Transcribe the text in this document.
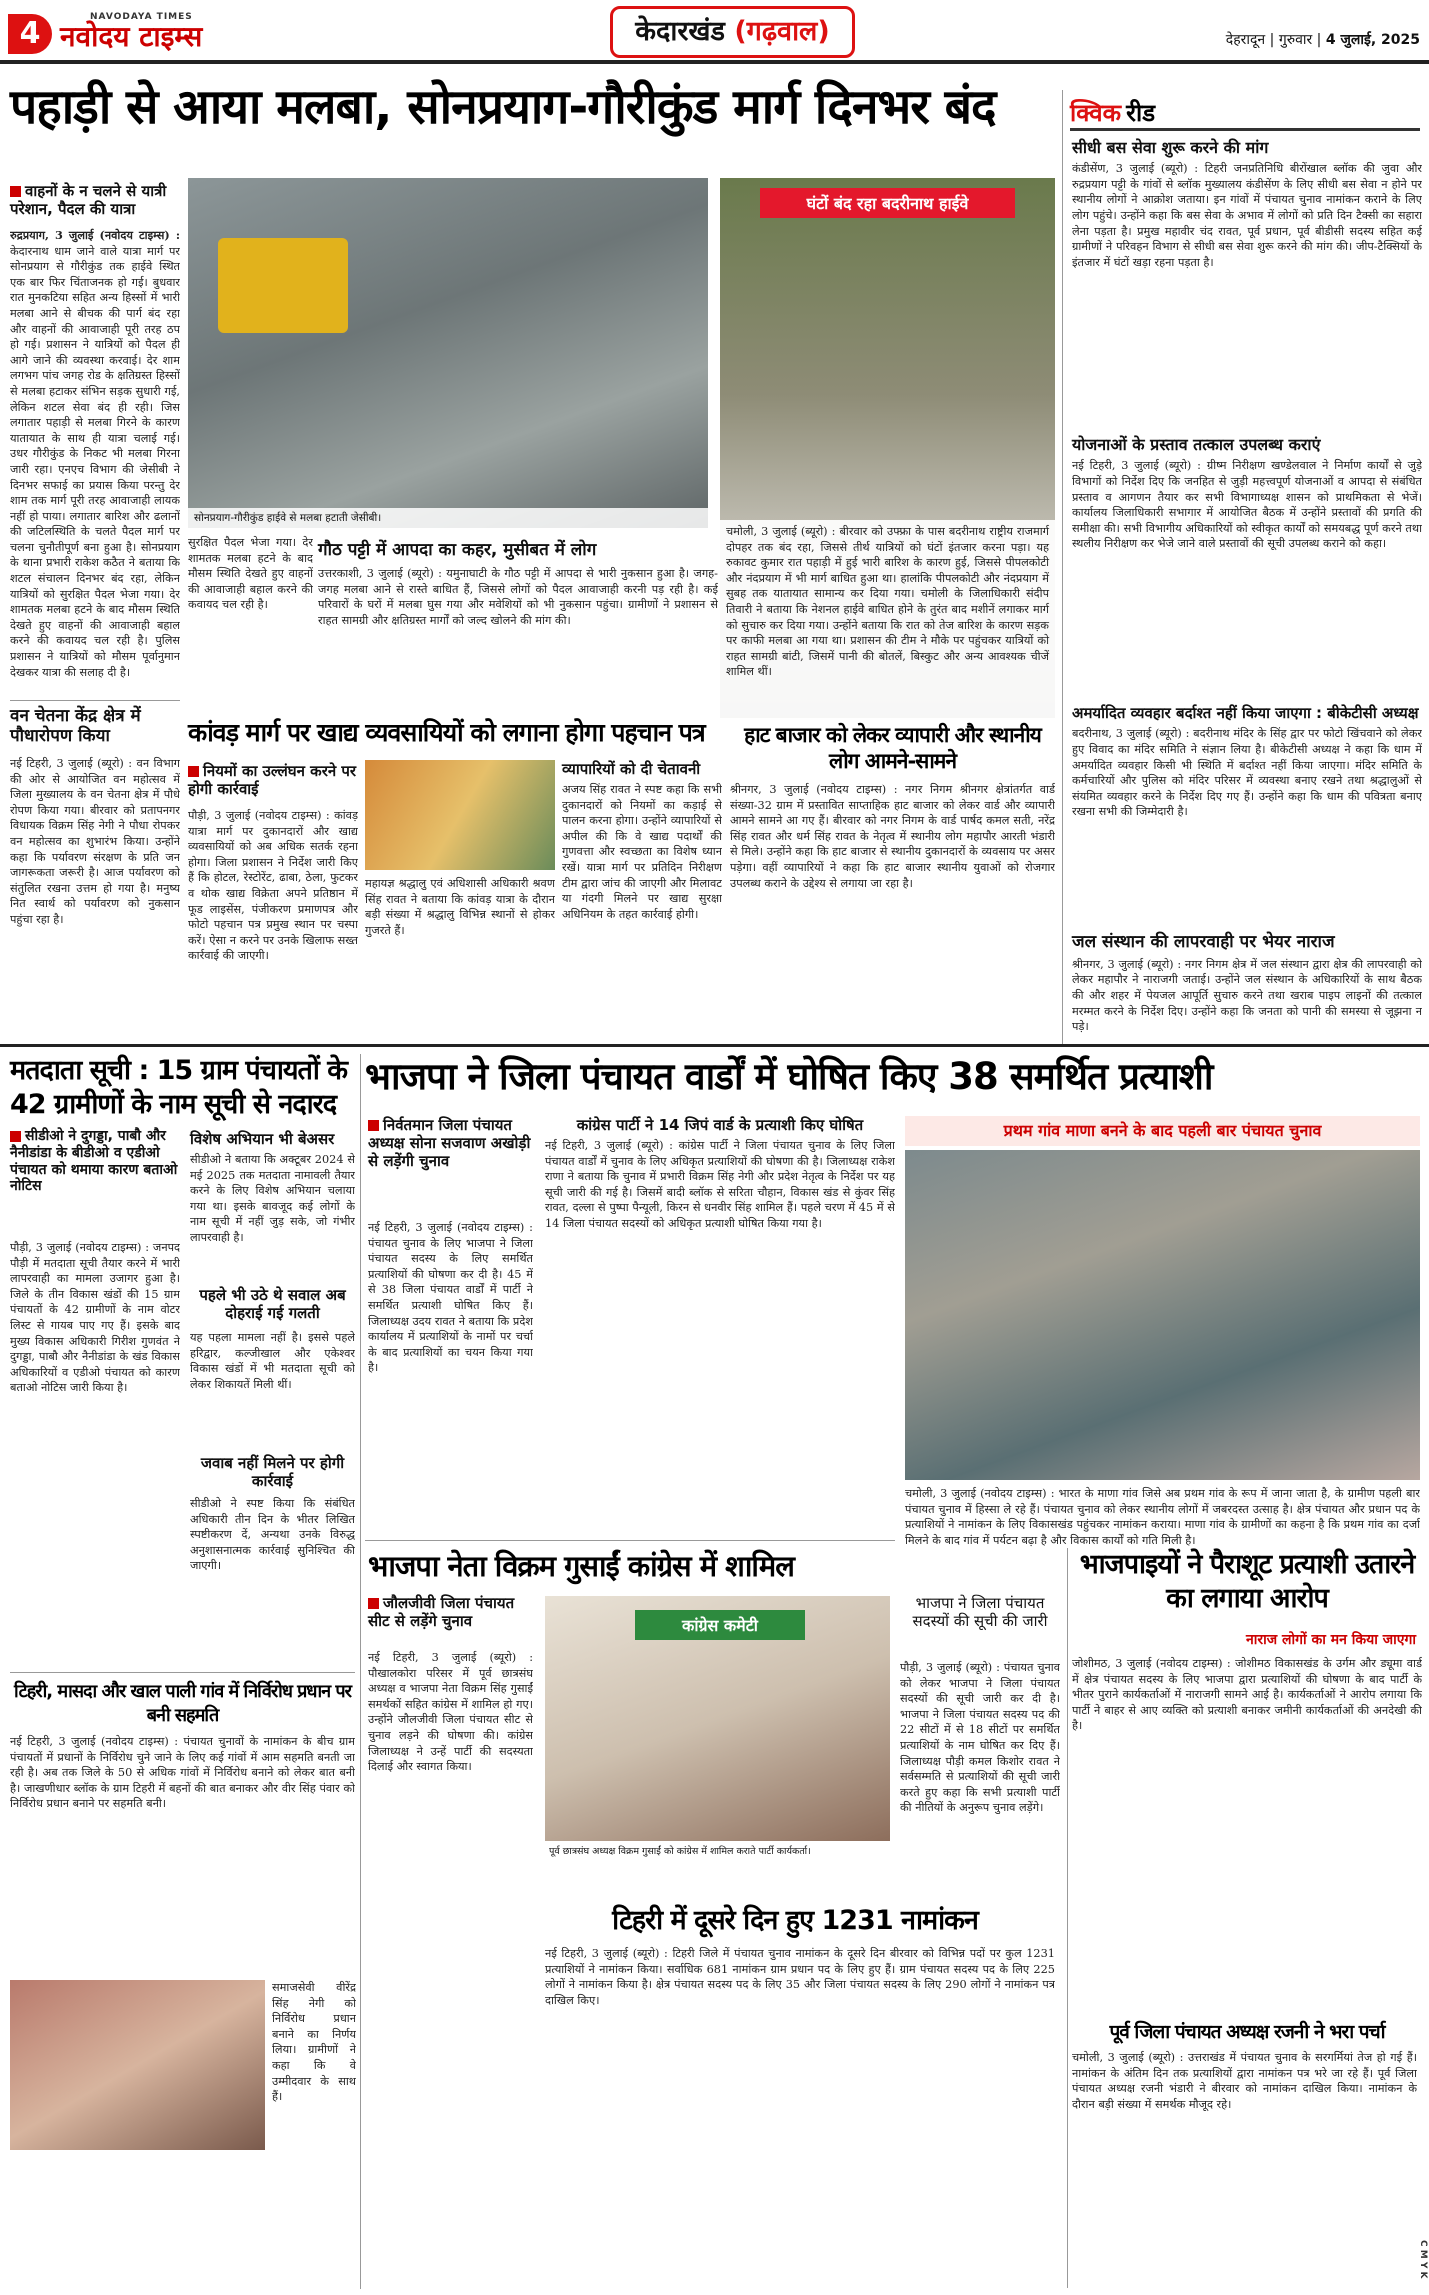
4	NAVODAYA TIMES
नवोदय टाइम्स	केदारखंड (गढ़वाल)	देहरादून | गुरुवार | 4 जुलाई, 2025
पहाड़ी से आया मलबा, सोनप्रयाग-गौरीकुंड मार्ग दिनभर बंद	क्विक रीड
सीधी बस सेवा शुरू करने की मांग
कंडीसेंण, 3 जुलाई (ब्यूरो) : टिहरी जनप्रतिनिधि बीरोंखाल ब्लॉक की जुवा और रुद्रप्रयाग पट्टी के गांवों से ब्लॉक मुख्यालय कंडीसेंण के लिए सीधी बस सेवा न होने पर स्थानीय लोगों ने आक्रोश जताया। इन गांवों में पंचायत चुनाव नामांकन कराने के लिए लोग पहुंचे। उन्होंने कहा कि बस सेवा के अभाव में लोगों को प्रति दिन टैक्सी का सहारा लेना पड़ता है। प्रमुख महावीर चंद रावत, पूर्व प्रधान, पूर्व बीडीसी सदस्य सहित कई ग्रामीणों ने परिवहन विभाग से सीधी बस सेवा शुरू करने की मांग की। जीप-टैक्सियों के इंतजार में घंटों खड़ा रहना पड़ता है।
योजनाओं के प्रस्ताव तत्काल उपलब्ध कराएं
नई टिहरी, 3 जुलाई (ब्यूरो) : ग्रीष्म निरीक्षण खण्डेलवाल ने निर्माण कार्यों से जुड़े विभागों को निर्देश दिए कि जनहित से जुड़ी महत्त्वपूर्ण योजनाओं व आपदा से संबंधित प्रस्ताव व आगणन तैयार कर सभी विभागाध्यक्ष शासन को प्राथमिकता से भेजें। कार्यालय जिलाधिकारी सभागार में आयोजित बैठक में उन्होंने प्रस्तावों की प्रगति की समीक्षा की। सभी विभागीय अधिकारियों को स्वीकृत कार्यों को समयबद्ध पूर्ण करने तथा स्थलीय निरीक्षण कर भेजे जाने वाले प्रस्तावों की सूची उपलब्ध कराने को कहा।
अमर्यादित व्यवहार बर्दाश्त नहीं किया जाएगा : बीकेटीसी अध्यक्ष
बदरीनाथ, 3 जुलाई (ब्यूरो) : बदरीनाथ मंदिर के सिंह द्वार पर फोटो खिंचवाने को लेकर हुए विवाद का मंदिर समिति ने संज्ञान लिया है। बीकेटीसी अध्यक्ष ने कहा कि धाम में अमर्यादित व्यवहार किसी भी स्थिति में बर्दाश्त नहीं किया जाएगा। मंदिर समिति के कर्मचारियों और पुलिस को मंदिर परिसर में व्यवस्था बनाए रखने तथा श्रद्धालुओं से संयमित व्यवहार करने के निर्देश दिए गए हैं। उन्होंने कहा कि धाम की पवित्रता बनाए रखना सभी की जिम्मेदारी है।
जल संस्थान की लापरवाही पर भेयर नाराज
श्रीनगर, 3 जुलाई (ब्यूरो) : नगर निगम क्षेत्र में जल संस्थान द्वारा क्षेत्र की लापरवाही को लेकर महापौर ने नाराजगी जताई। उन्होंने जल संस्थान के अधिकारियों के साथ बैठक की और शहर में पेयजल आपूर्ति सुचारु करने तथा खराब पाइप लाइनों की तत्काल मरम्मत करने के निर्देश दिए। उन्होंने कहा कि जनता को पानी की समस्या से जूझना न पड़े।
वाहनों के न चलने से यात्री परेशान, पैदल की यात्रा
रुद्रप्रयाग, 3 जुलाई (नवोदय टाइम्स) : केदारनाथ धाम जाने वाले यात्रा मार्ग पर सोनप्रयाग से गौरीकुंड तक हाईवे स्थित एक बार फिर चिंताजनक हो गई। बुधवार रात मुनकटिया सहित अन्य हिस्सों में भारी मलबा आने से बीचक की पार्ग बंद रहा और वाहनों की आवाजाही पूरी तरह ठप हो गई। प्रशासन ने यात्रियों को पैदल ही आगे जाने की व्यवस्था करवाई। देर शाम लगभग पांच जगह रोड के क्षतिग्रस्त हिस्सों से मलबा हटाकर संभिन सड़क सुधारी गई, लेकिन शटल सेवा बंद ही रही। जिस लगातार पहाड़ी से मलबा गिरने के कारण यातायात के साथ ही यात्रा चलाई गई। उधर गौरीकुंड के निकट भी मलबा गिरना जारी रहा। एनएच विभाग की जेसीबी ने दिनभर सफाई का प्रयास किया परन्तु देर शाम तक मार्ग पूरी तरह आवाजाही लायक नहीं हो पाया। लगातार बारिश और ढलानों की जटिलस्थिति के चलते पैदल मार्ग पर चलना चुनौतीपूर्ण बना हुआ है। सोनप्रयाग के थाना प्रभारी राकेश कठैत ने बताया कि शटल संचालन दिनभर बंद रहा, लेकिन यात्रियों को सुरक्षित पैदल भेजा गया। देर शामतक मलबा हटने के बाद मौसम स्थिति देखते हुए वाहनों की आवाजाही बहाल करने की कवायद चल रही है। पुलिस प्रशासन ने यात्रियों को मौसम पूर्वानुमान देखकर यात्रा की सलाह दी है।
सोनप्रयाग-गौरीकुंड हाईवे से मलबा हटाती जेसीबी।
सुरक्षित पैदल भेजा गया। देर शामतक मलबा हटने के बाद मौसम स्थिति देखते हुए वाहनों की आवाजाही बहाल करने की कवायद चल रही है।
घंटों बंद रहा बदरीनाथ हाईवे
चमोली, 3 जुलाई (ब्यूरो) : बीरवार को उफ्फ्रा के पास बदरीनाथ राष्ट्रीय राजमार्ग दोपहर तक बंद रहा, जिससे तीर्थ यात्रियों को घंटों इंतजार करना पड़ा। यह रुकावट कुमार रात पहाड़ी में हुई भारी बारिश के कारण हुई, जिससे पीपलकोटी और नंदप्रयाग में भी मार्ग बाधित हुआ था। हालांकि पीपलकोटी और नंदप्रयाग में सुबह तक यातायात सामान्य कर दिया गया। चमोली के जिलाधिकारी संदीप तिवारी ने बताया कि नेशनल हाईवे बाधित होने के तुरंत बाद मशीनें लगाकर मार्ग को सुचारु कर दिया गया। उन्होंने बताया कि रात को तेज बारिश के कारण सड़क पर काफी मलबा आ गया था। प्रशासन की टीम ने मौके पर पहुंचकर यात्रियों को राहत सामग्री बांटी, जिसमें पानी की बोतलें, बिस्कुट और अन्य आवश्यक चीजें शामिल थीं।
गौठ पट्टी में आपदा का कहर, मुसीबत में लोग
उत्तरकाशी, 3 जुलाई (ब्यूरो) : यमुनाघाटी के गौठ पट्टी में आपदा से भारी नुकसान हुआ है। जगह-जगह मलबा आने से रास्ते बाधित हैं, जिससे लोगों को पैदल आवाजाही करनी पड़ रही है। कई परिवारों के घरों में मलबा घुस गया और मवेशियों को भी नुकसान पहुंचा। ग्रामीणों ने प्रशासन से राहत सामग्री और क्षतिग्रस्त मार्गों को जल्द खोलने की मांग की।
वन चेतना केंद्र क्षेत्र में पौधारोपण किया
नई टिहरी, 3 जुलाई (ब्यूरो) : वन विभाग की ओर से आयोजित वन महोत्सव में जिला मुख्यालय के वन चेतना क्षेत्र में पौधे रोपण किया गया। बीरवार को प्रतापनगर विधायक विक्रम सिंह नेगी ने पौधा रोपकर वन महोत्सव का शुभारंभ किया। उन्होंने कहा कि पर्यावरण संरक्षण के प्रति जन जागरूकता जरूरी है। आज पर्यावरण को संतुलित रखना उत्तम हो गया है। मनुष्य नित स्वार्थ को पर्यावरण को नुकसान पहुंचा रहा है।
कांवड़ मार्ग पर खाद्य व्यवसायियों को लगाना होगा पहचान पत्र
नियमों का उल्लंघन करने पर होगी कार्रवाई
पौड़ी, 3 जुलाई (नवोदय टाइम्स) : कांवड़ यात्रा मार्ग पर दुकानदारों और खाद्य व्यवसायियों को अब अधिक सतर्क रहना होगा। जिला प्रशासन ने निर्देश जारी किए हैं कि होटल, रेस्टोरेंट, ढाबा, ठेला, फुटकर व थोक खाद्य विक्रेता अपने प्रतिष्ठान में फूड लाइसेंस, पंजीकरण प्रमाणपत्र और फोटो पहचान पत्र प्रमुख स्थान पर चस्पा करें। ऐसा न करने पर उनके खिलाफ सख्त कार्रवाई की जाएगी।
महायज्ञ श्रद्धालु एवं अधिशासी अधिकारी श्रवण सिंह रावत ने बताया कि कांवड़ यात्रा के दौरान बड़ी संख्या में श्रद्धालु विभिन्न स्थानों से होकर गुजरते हैं।
व्यापारियों को दी चेतावनी
अजय सिंह रावत ने स्पष्ट कहा कि सभी दुकानदारों को नियमों का कड़ाई से पालन करना होगा। उन्होंने व्यापारियों से अपील की कि वे खाद्य पदार्थों की गुणवत्ता और स्वच्छता का विशेष ध्यान रखें। यात्रा मार्ग पर प्रतिदिन निरीक्षण टीम द्वारा जांच की जाएगी और मिलावट या गंदगी मिलने पर खाद्य सुरक्षा अधिनियम के तहत कार्रवाई होगी।
हाट बाजार को लेकर व्यापारी और स्थानीय लोग आमने-सामने
श्रीनगर, 3 जुलाई (नवोदय टाइम्स) : नगर निगम श्रीनगर क्षेत्रांतर्गत वार्ड संख्या-32 ग्राम में प्रस्तावित साप्ताहिक हाट बाजार को लेकर वार्ड और व्यापारी आमने सामने आ गए हैं। बीरवार को नगर निगम के वार्ड पार्षद कमल सती, नरेंद्र सिंह रावत और धर्म सिंह रावत के नेतृत्व में स्थानीय लोग महापौर आरती भंडारी से मिले। उन्होंने कहा कि हाट बाजार से स्थानीय दुकानदारों के व्यवसाय पर असर पड़ेगा। वहीं व्यापारियों ने कहा कि हाट बाजार स्थानीय युवाओं को रोजगार उपलब्ध कराने के उद्देश्य से लगाया जा रहा है।
मतदाता सूची : 15 ग्राम पंचायतों के 42 ग्रामीणों के नाम सूची से नदारद
सीडीओ ने दुगड्डा, पाबौ और नैनीडांडा के बीडीओ व एडीओ पंचायत को थमाया कारण बताओ नोटिस
पौड़ी, 3 जुलाई (नवोदय टाइम्स) : जनपद पौड़ी में मतदाता सूची तैयार करने में भारी लापरवाही का मामला उजागर हुआ है। जिले के तीन विकास खंडों की 15 ग्राम पंचायतों के 42 ग्रामीणों के नाम वोटर लिस्ट से गायब पाए गए हैं। इसके बाद मुख्य विकास अधिकारी गिरीश गुणवंत ने दुगड्डा, पाबौ और नैनीडांडा के खंड विकास अधिकारियों व एडीओ पंचायत को कारण बताओ नोटिस जारी किया है।
विशेष अभियान भी बेअसर
सीडीओ ने बताया कि अक्टूबर 2024 से मई 2025 तक मतदाता नामावली तैयार करने के लिए विशेष अभियान चलाया गया था। इसके बावजूद कई लोगों के नाम सूची में नहीं जुड़ सके, जो गंभीर लापरवाही है।
पहले भी उठे थे सवाल अब दोहराई गई गलती
यह पहला मामला नहीं है। इससे पहले हरिद्वार, कल्जीखाल और एकेश्वर विकास खंडों में भी मतदाता सूची को लेकर शिकायतें मिली थीं।
जवाब नहीं मिलने पर होगी कार्रवाई
सीडीओ ने स्पष्ट किया कि संबंधित अधिकारी तीन दिन के भीतर लिखित स्पष्टीकरण दें, अन्यथा उनके विरुद्ध अनुशासनात्मक कार्रवाई सुनिश्चित की जाएगी।
टिहरी, मासदा और खाल पाली गांव में निर्विरोध प्रधान पर बनी सहमति
नई टिहरी, 3 जुलाई (नवोदय टाइम्स) : पंचायत चुनावों के नामांकन के बीच ग्राम पंचायतों में प्रधानों के निर्विरोध चुने जाने के लिए कई गांवों में आम सहमति बनती जा रही है। अब तक जिले के 50 से अधिक गांवों में निर्विरोध बनाने को लेकर बात बनी है। जाखणीधार ब्लॉक के ग्राम टिहरी में बहनों की बात बनाकर और वीर सिंह पंवार को निर्विरोध प्रधान बनाने पर सहमति बनी।
समाजसेवी वीरेंद्र सिंह नेगी को निर्विरोध प्रधान बनाने का निर्णय लिया। ग्रामीणों ने कहा कि वे उम्मीदवार के साथ हैं।
भाजपा ने जिला पंचायत वार्डों में घोषित किए 38 समर्थित प्रत्याशी
निर्वतमान जिला पंचायत अध्यक्ष सोना सजवाण अखोड़ी से लड़ेंगी चुनाव
नई टिहरी, 3 जुलाई (नवोदय टाइम्स) : पंचायत चुनाव के लिए भाजपा ने जिला पंचायत सदस्य के लिए समर्थित प्रत्याशियों की घोषणा कर दी है। 45 में से 38 जिला पंचायत वार्डों में पार्टी ने समर्थित प्रत्याशी घोषित किए हैं। जिलाध्यक्ष उदय रावत ने बताया कि प्रदेश कार्यालय में प्रत्याशियों के नामों पर चर्चा के बाद प्रत्याशियों का चयन किया गया है।
कांग्रेस पार्टी ने 14 जिपं वार्ड के प्रत्याशी किए घोषित
नई टिहरी, 3 जुलाई (ब्यूरो) : कांग्रेस पार्टी ने जिला पंचायत चुनाव के लिए जिला पंचायत वार्डों में चुनाव के लिए अधिकृत प्रत्याशियों की घोषणा की है। जिलाध्यक्ष राकेश राणा ने बताया कि चुनाव में प्रभारी विक्रम सिंह नेगी और प्रदेश नेतृत्व के निर्देश पर यह सूची जारी की गई है। जिसमें बादी ब्लॉक से सरिता चौहान, विकास खंड से कुंवर सिंह रावत, दल्ला से पुष्पा पैन्यूली, किरन से धनवीर सिंह शामिल हैं। पहले चरण में 45 में से 14 जिला पंचायत सदस्यों को अधिकृत प्रत्याशी घोषित किया गया है।
प्रथम गांव माणा बनने के बाद पहली बार पंचायत चुनाव
चमोली, 3 जुलाई (नवोदय टाइम्स) : भारत के माणा गांव जिसे अब प्रथम गांव के रूप में जाना जाता है, के ग्रामीण पहली बार पंचायत चुनाव में हिस्सा ले रहे हैं। पंचायत चुनाव को लेकर स्थानीय लोगों में जबरदस्त उत्साह है। क्षेत्र पंचायत और प्रधान पद के प्रत्याशियों ने नामांकन के लिए विकासखंड पहुंचकर नामांकन कराया। माणा गांव के ग्रामीणों का कहना है कि प्रथम गांव का दर्जा मिलने के बाद गांव में पर्यटन बढ़ा है और विकास कार्यों को गति मिली है।
भाजपा नेता विक्रम गुसाईं कांग्रेस में शामिल
जौलजीवी जिला पंचायत सीट से लड़ेंगे चुनाव
नई टिहरी, 3 जुलाई (ब्यूरो) : पौखालकोरा परिसर में पूर्व छात्रसंघ अध्यक्ष व भाजपा नेता विक्रम सिंह गुसाईं समर्थकों सहित कांग्रेस में शामिल हो गए। उन्होंने जौलजीवी जिला पंचायत सीट से चुनाव लड़ने की घोषणा की। कांग्रेस जिलाध्यक्ष ने उन्हें पार्टी की सदस्यता दिलाई और स्वागत किया।
कांग्रेस कमेटी
पूर्व छात्रसंघ अध्यक्ष विक्रम गुसाईं को कांग्रेस में शामिल कराते पार्टी कार्यकर्ता।
भाजपा ने जिला पंचायत सदस्यों की सूची की जारी
पौड़ी, 3 जुलाई (ब्यूरो) : पंचायत चुनाव को लेकर भाजपा ने जिला पंचायत सदस्यों की सूची जारी कर दी है। भाजपा ने जिला पंचायत सदस्य पद की 22 सीटों में से 18 सीटों पर समर्थित प्रत्याशियों के नाम घोषित कर दिए हैं। जिलाध्यक्ष पौड़ी कमल किशोर रावत ने सर्वसम्मति से प्रत्याशियों की सूची जारी करते हुए कहा कि सभी प्रत्याशी पार्टी की नीतियों के अनुरूप चुनाव लड़ेंगे।
भाजपाइयों ने पैराशूट प्रत्याशी उतारने का लगाया आरोप
नाराज लोगों का मन किया जाएगा
जोशीमठ, 3 जुलाई (नवोदय टाइम्स) : जोशीमठ विकासखंड के उर्गम और ड्यूमा वार्ड में क्षेत्र पंचायत सदस्य के लिए भाजपा द्वारा प्रत्याशियों की घोषणा के बाद पार्टी के भीतर पुराने कार्यकर्ताओं में नाराजगी सामने आई है। कार्यकर्ताओं ने आरोप लगाया कि पार्टी ने बाहर से आए व्यक्ति को प्रत्याशी बनाकर जमीनी कार्यकर्ताओं की अनदेखी की है।
टिहरी में दूसरे दिन हुए 1231 नामांकन
नई टिहरी, 3 जुलाई (ब्यूरो) : टिहरी जिले में पंचायत चुनाव नामांकन के दूसरे दिन बीरवार को विभिन्न पदों पर कुल 1231 प्रत्याशियों ने नामांकन किया। सर्वाधिक 681 नामांकन ग्राम प्रधान पद के लिए हुए हैं। ग्राम पंचायत सदस्य पद के लिए 225 लोगों ने नामांकन किया है। क्षेत्र पंचायत सदस्य पद के लिए 35 और जिला पंचायत सदस्य के लिए 290 लोगों ने नामांकन पत्र दाखिल किए।
पूर्व जिला पंचायत अध्यक्ष रजनी ने भरा पर्चा
चमोली, 3 जुलाई (ब्यूरो) : उत्तराखंड में पंचायत चुनाव के सरगर्मियां तेज हो गई हैं। नामांकन के अंतिम दिन तक प्रत्याशियों द्वारा नामांकन पत्र भरे जा रहे हैं। पूर्व जिला पंचायत अध्यक्ष रजनी भंडारी ने बीरवार को नामांकन दाखिल किया। नामांकन के दौरान बड़ी संख्या में समर्थक मौजूद रहे।
C M Y K
